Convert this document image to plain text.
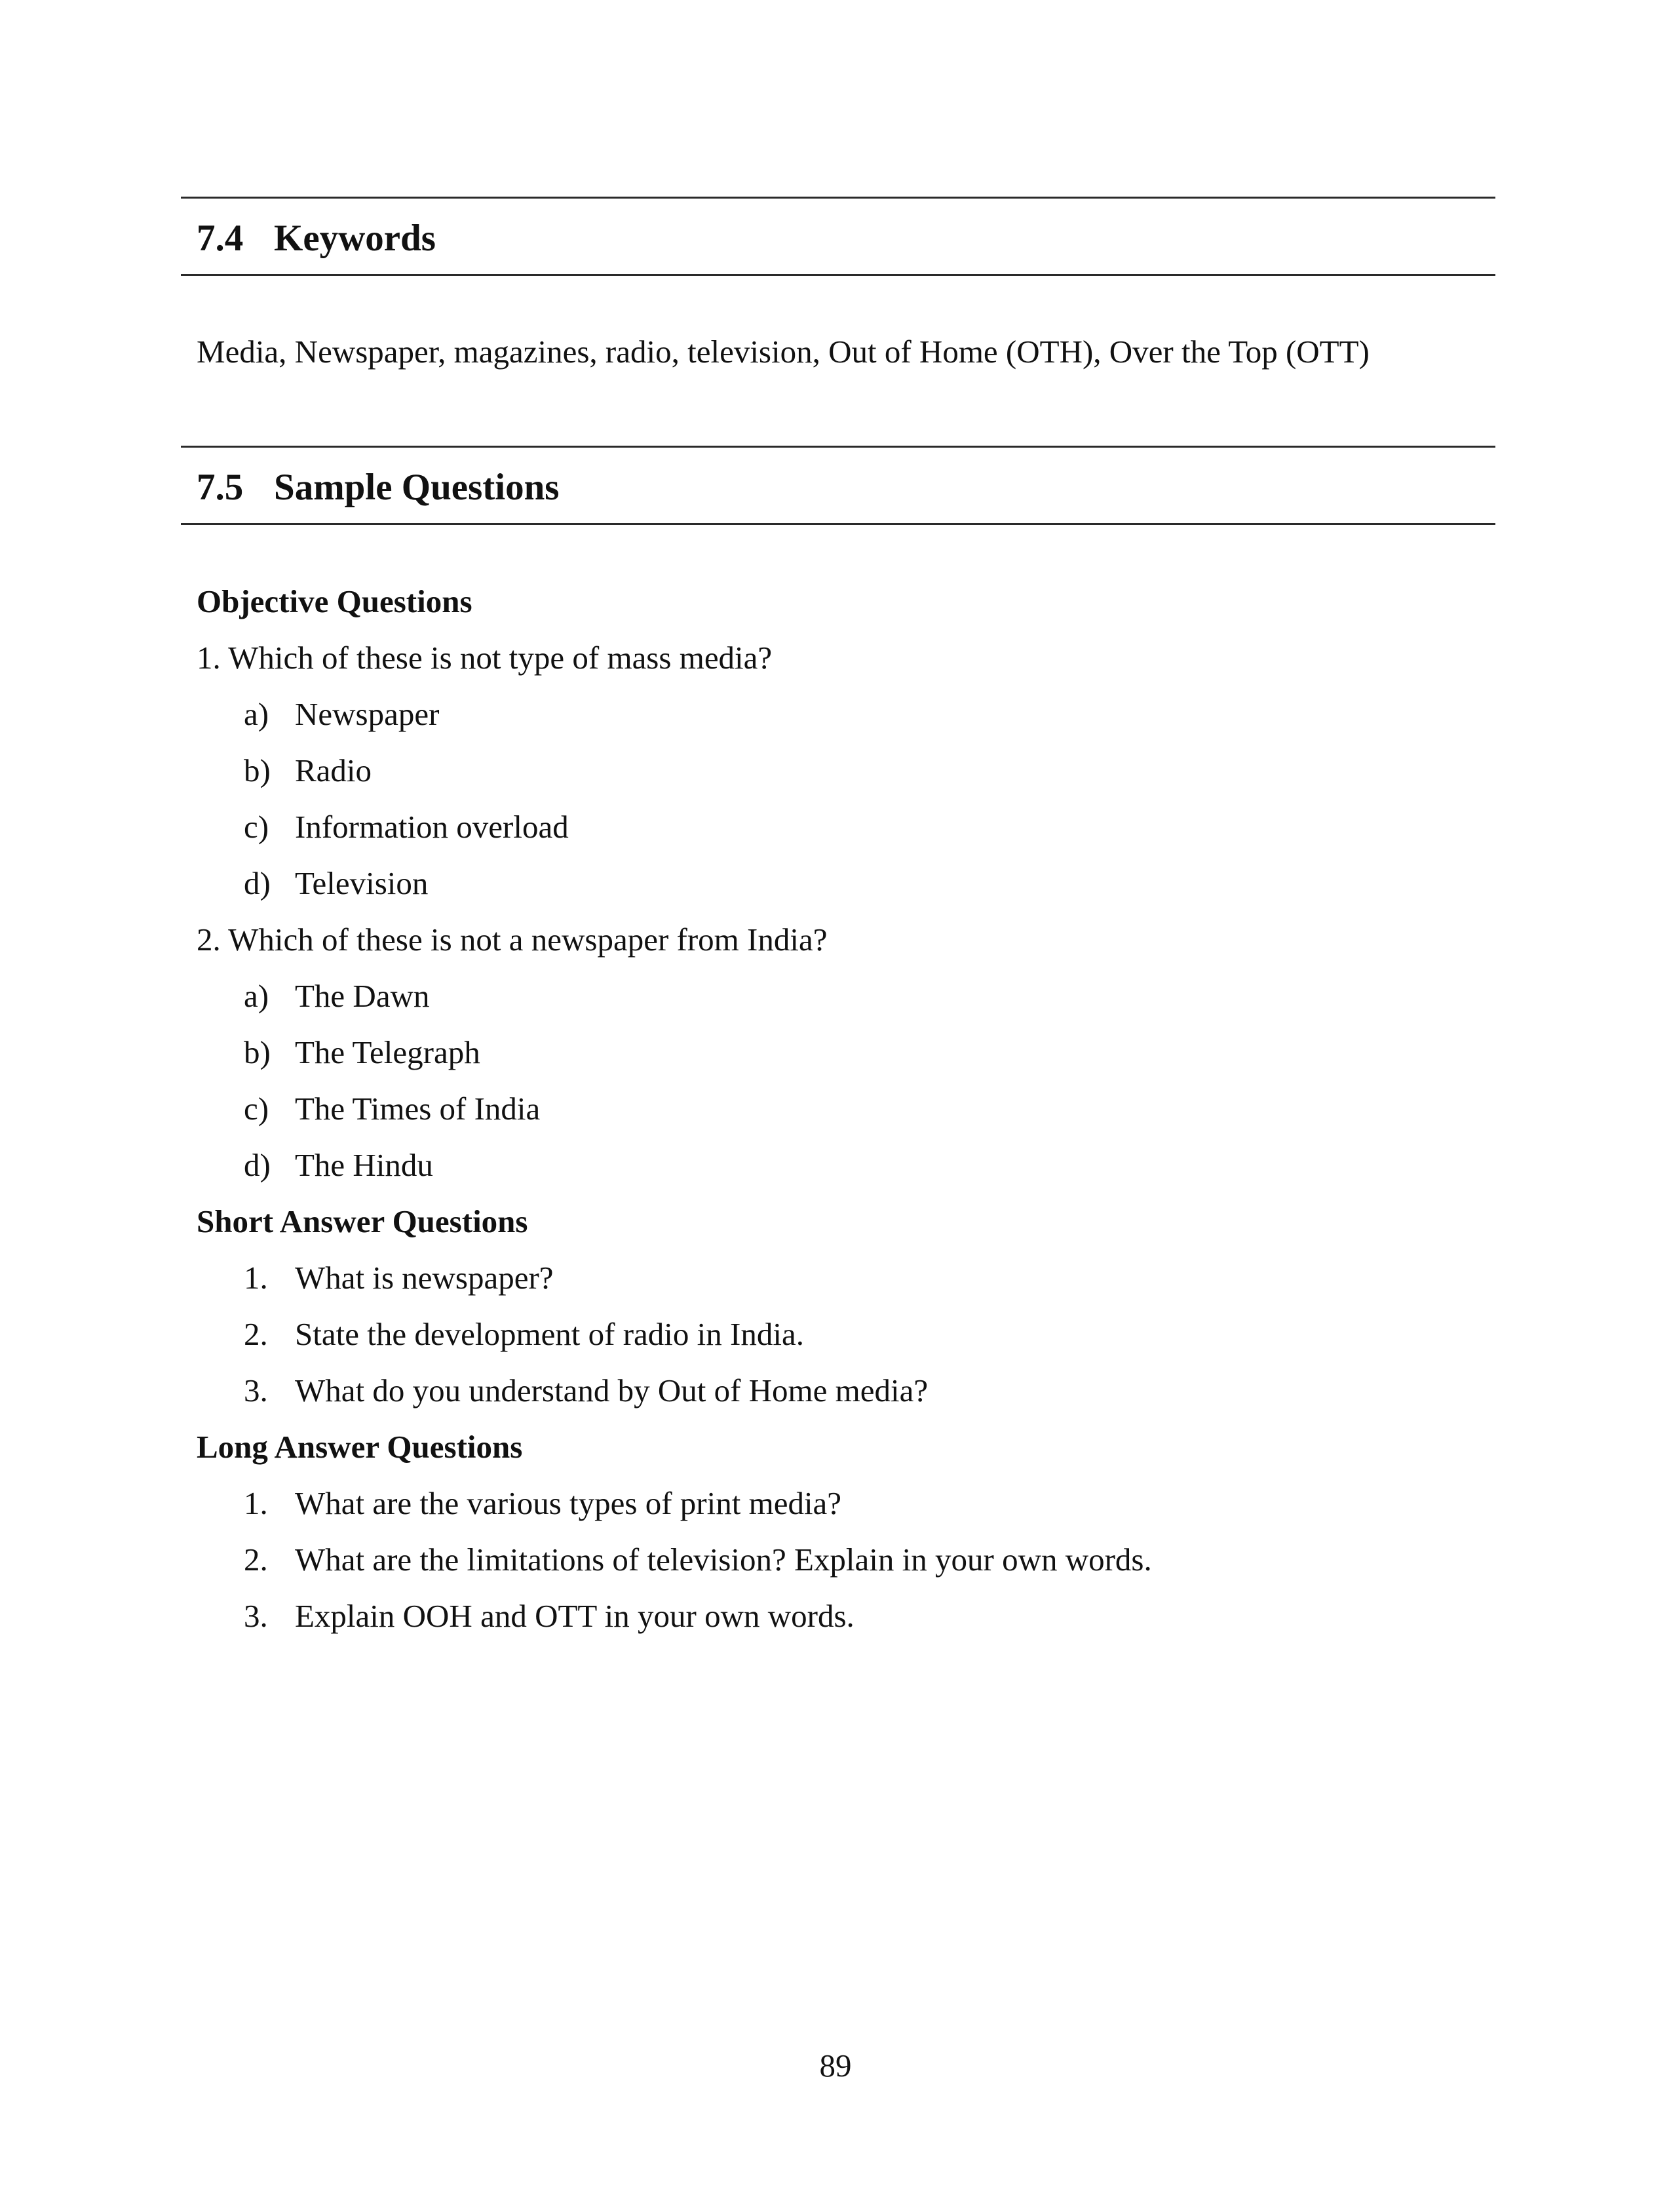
7.4 Keywords
Media, Newspaper, magazines, radio, television, Out of Home (OTH), Over the Top (OTT)
7.5 Sample Questions
Objective Questions
1. Which of these is not type of mass media?
a) Newspaper
b) Radio
c) Information overload
d) Television
2. Which of these is not a newspaper from India?
a) The Dawn
b) The Telegraph
c) The Times of India
d) The Hindu
Short Answer Questions
1. What is newspaper?
2. State the development of radio in India.
3. What do you understand by Out of Home media?
Long Answer Questions
1. What are the various types of print media?
2. What are the limitations of television? Explain in your own words.
3. Explain OOH and OTT in your own words.
89
